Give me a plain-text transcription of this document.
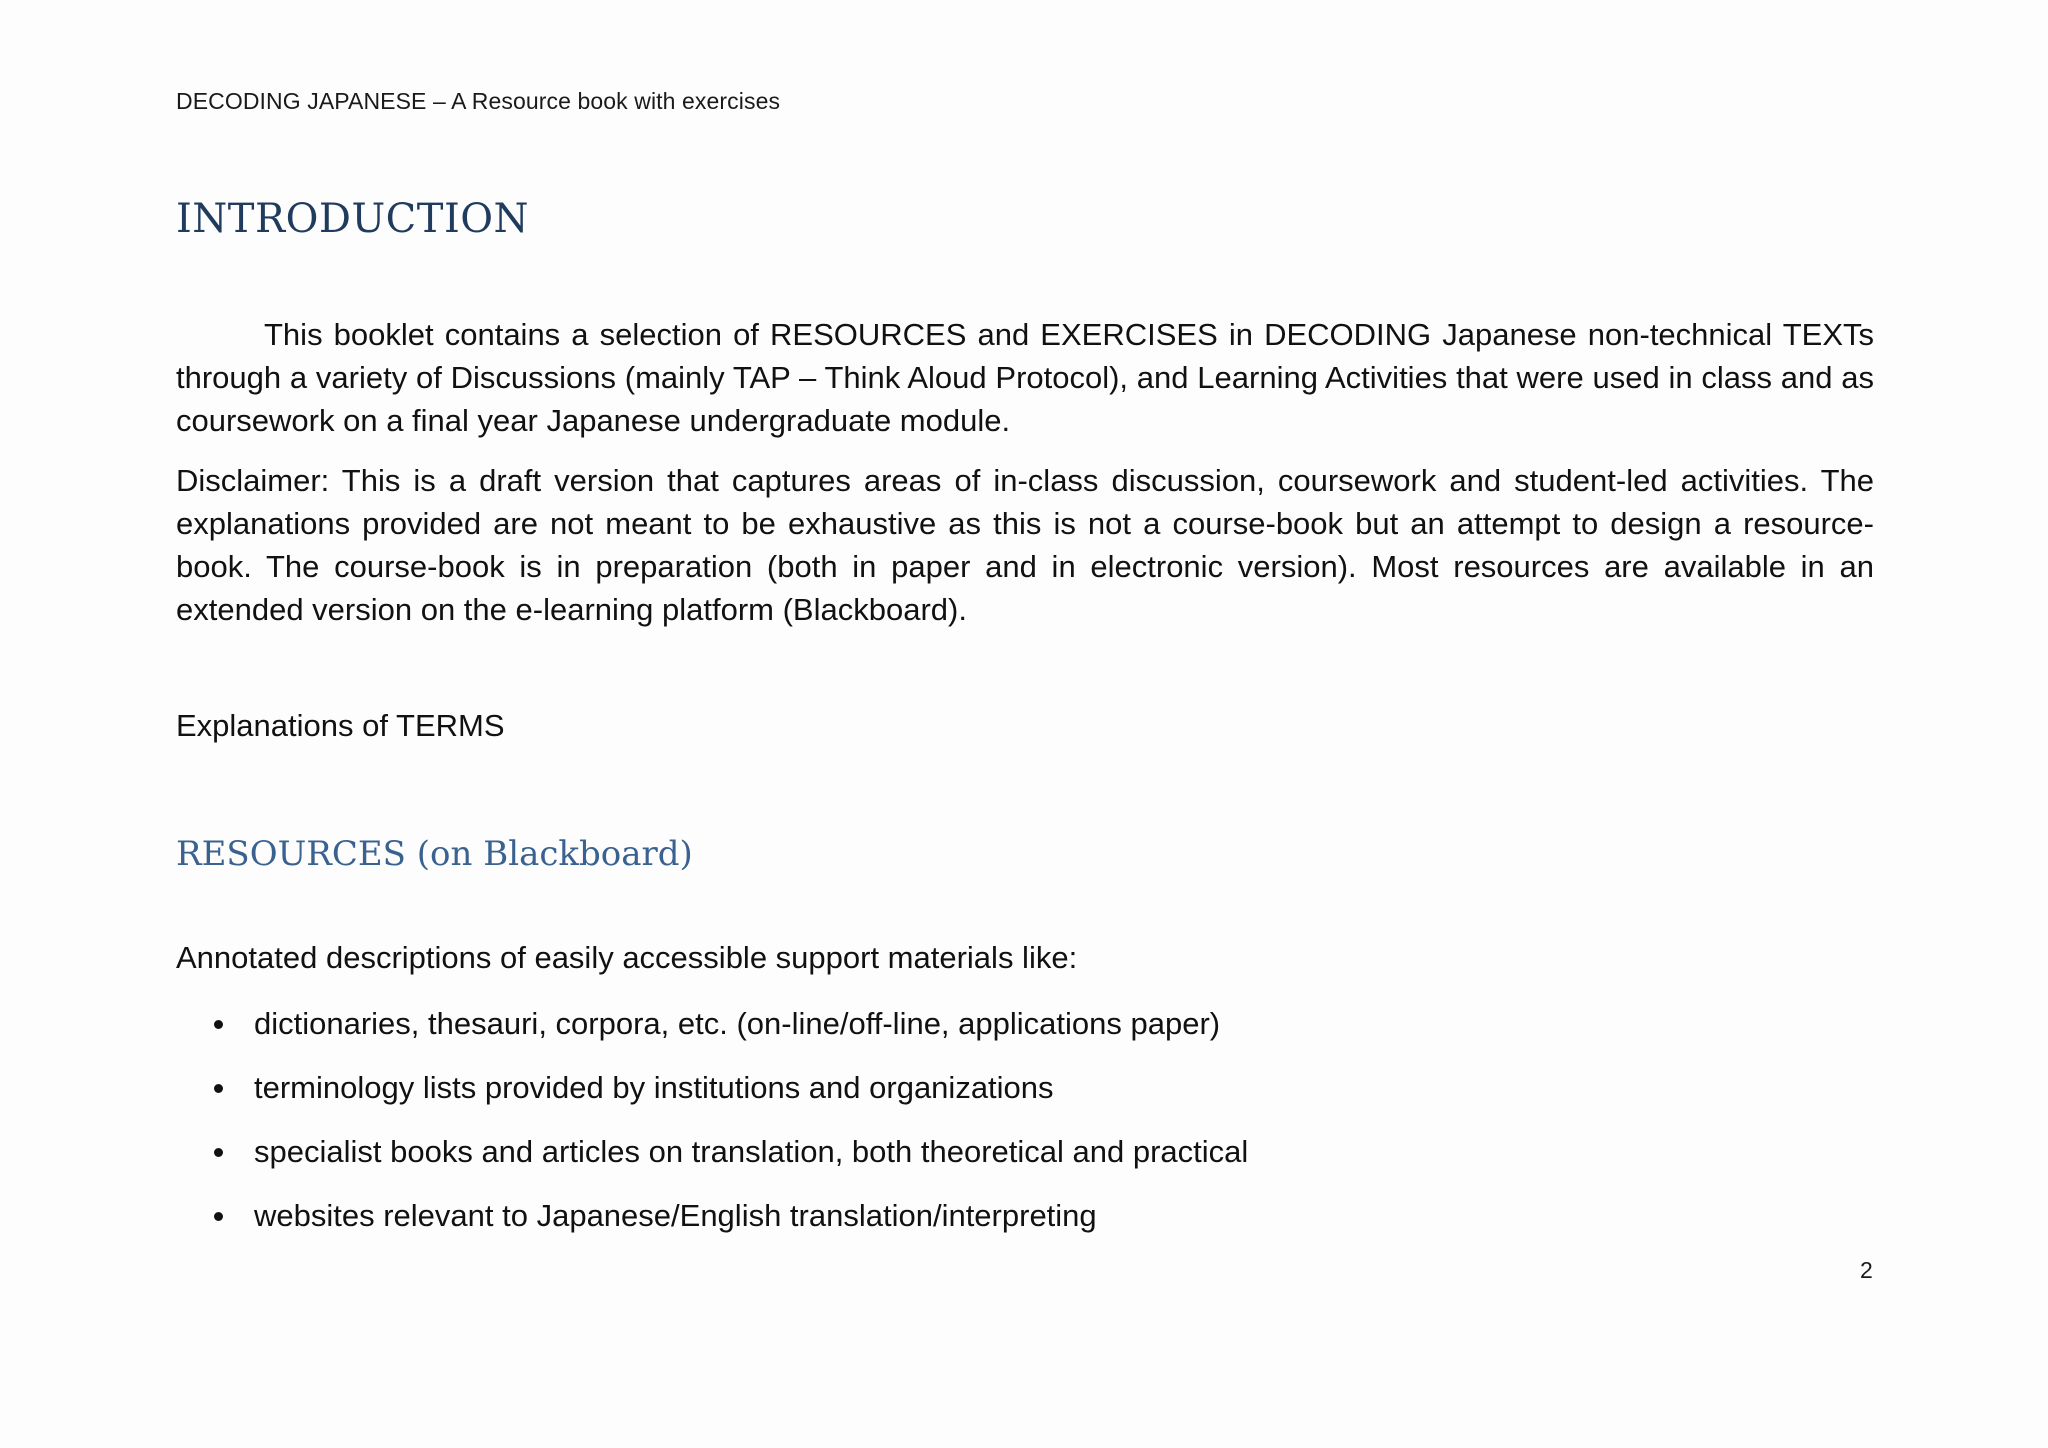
DECODING JAPANESE – A Resource book with exercises
INTRODUCTION
This booklet contains a selection of RESOURCES and EXERCISES in DECODING Japanese non-technical TEXTs through a variety of Discussions (mainly TAP – Think Aloud Protocol), and Learning Activities that were used in class and as coursework on a final year Japanese undergraduate module.
Disclaimer: This is a draft version that captures areas of in-class discussion, coursework and student-led activities. The explanations provided are not meant to be exhaustive as this is not a course-book but an attempt to design a resource-book. The course-book is in preparation (both in paper and in electronic version). Most resources are available in an extended version on the e-learning platform (Blackboard).
Explanations of TERMS
RESOURCES (on Blackboard)
Annotated descriptions of easily accessible support materials like:
dictionaries, thesauri, corpora, etc. (on-line/off-line, applications paper)
terminology lists provided by institutions and organizations
specialist books and articles on translation, both theoretical and practical
websites relevant to Japanese/English translation/interpreting
2
